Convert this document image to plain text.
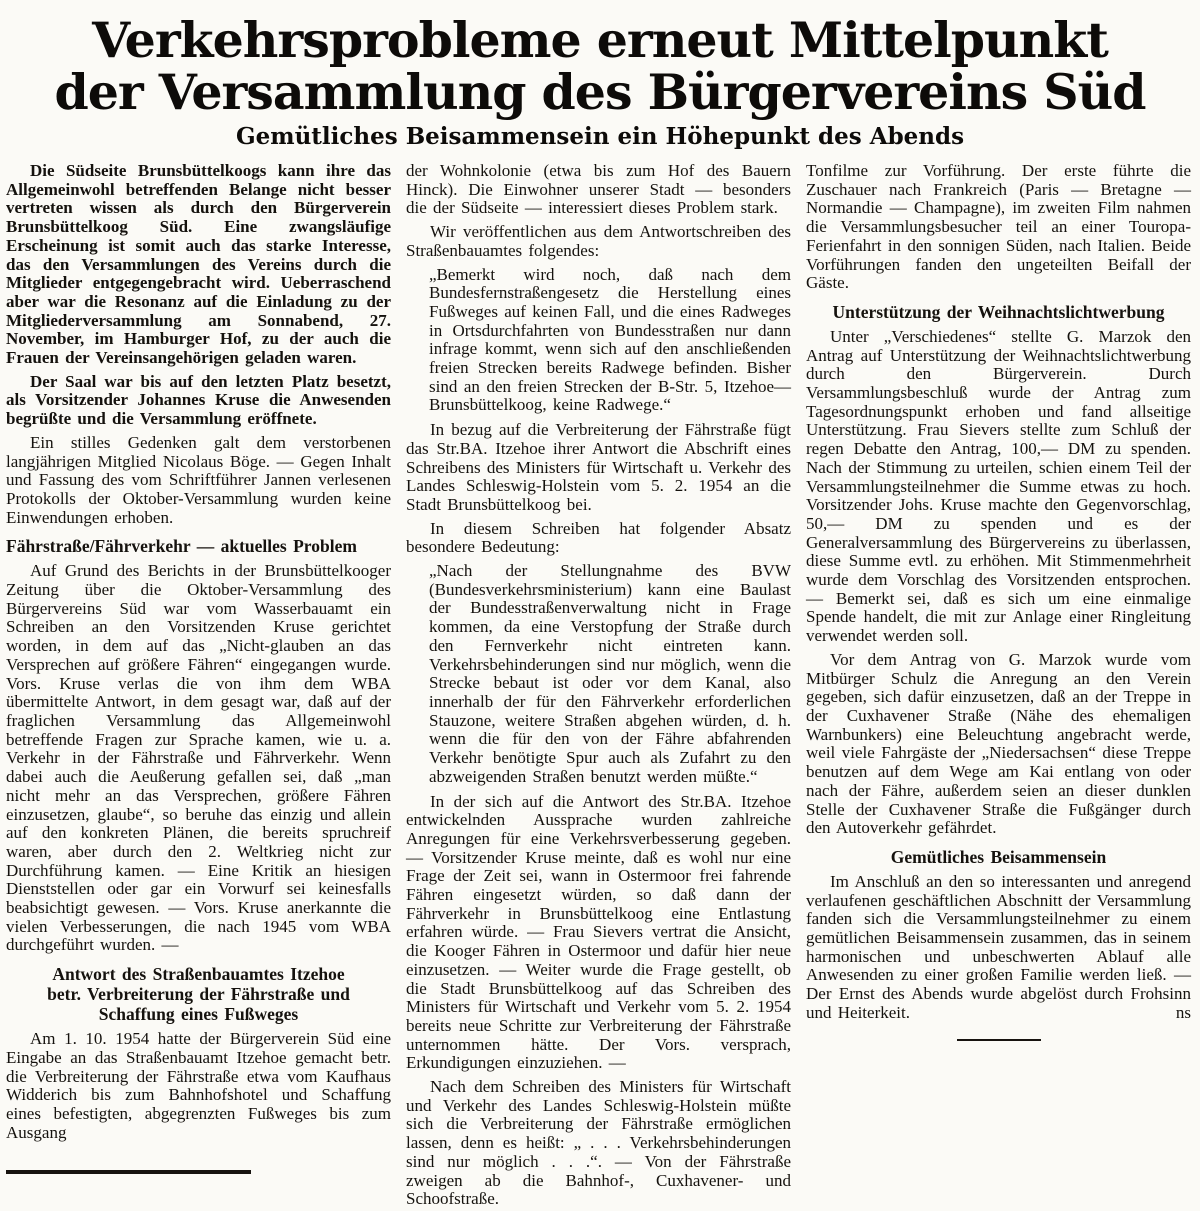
Verkehrsprobleme erneut Mittelpunkt
der Versammlung des Bürgervereins Süd
Gemütliches Beisammensein ein Höhepunkt des Abends

Die Südseite Brunsbüttelkoogs kann ihre das Allgemeinwohl betreffenden Belange nicht besser vertreten wissen als durch den Bürgerverein Brunsbüttelkoog Süd. Eine zwangsläufige Erscheinung ist somit auch das starke Interesse, das den Versammlungen des Vereins durch die Mitglieder entgegengebracht wird. Ueberraschend aber war die Resonanz auf die Einladung zu der Mitgliederversammlung am Sonnabend, 27. November, im Hamburger Hof, zu der auch die Frauen der Vereinsangehörigen geladen waren.

Der Saal war bis auf den letzten Platz besetzt, als Vorsitzender Johannes Kruse die Anwesenden begrüßte und die Versammlung eröffnete.

Ein stilles Gedenken galt dem verstorbenen langjährigen Mitglied Nicolaus Böge. — Gegen Inhalt und Fassung des vom Schriftführer Jannen verlesenen Protokolls der Oktober-Versammlung wurden keine Einwendungen erhoben.

Fährstraße/Fährverkehr — aktuelles Problem

Auf Grund des Berichts in der Brunsbüttelkooger Zeitung über die Oktober-Versammlung des Bürgervereins Süd war vom Wasserbauamt ein Schreiben an den Vorsitzenden Kruse gerichtet worden, in dem auf das „Nicht-glauben an das Versprechen auf größere Fähren“ eingegangen wurde. Vors. Kruse verlas die von ihm dem WBA übermittelte Antwort, in dem gesagt war, daß auf der fraglichen Versammlung das Allgemeinwohl betreffende Fragen zur Sprache kamen, wie u. a. Verkehr in der Fährstraße und Fährverkehr. Wenn dabei auch die Aeußerung gefallen sei, daß „man nicht mehr an das Versprechen, größere Fähren einzusetzen, glaube“, so beruhe das einzig und allein auf den konkreten Plänen, die bereits spruchreif waren, aber durch den 2. Weltkrieg nicht zur Durchführung kamen. — Eine Kritik an hiesigen Dienststellen oder gar ein Vorwurf sei keinesfalls beabsichtigt gewesen. — Vors. Kruse anerkannte die vielen Verbesserungen, die nach 1945 vom WBA durchgeführt wurden. —

Antwort des Straßenbauamtes Itzehoe
betr. Verbreiterung der Fährstraße und
Schaffung eines Fußweges

Am 1. 10. 1954 hatte der Bürgerverein Süd eine Eingabe an das Straßenbauamt Itzehoe gemacht betr. die Verbreiterung der Fährstraße etwa vom Kaufhaus Widderich bis zum Bahnhofshotel und Schaffung eines befestigten, abgegrenzten Fußweges bis zum Ausgang

der Wohnkolonie (etwa bis zum Hof des Bauern Hinck). Die Einwohner unserer Stadt — besonders die der Südseite — interessiert dieses Problem stark.

Wir veröffentlichen aus dem Antwortschreiben des Straßenbauamtes folgendes:

„Bemerkt wird noch, daß nach dem Bundesfernstraßengesetz die Herstellung eines Fußweges auf keinen Fall, und die eines Radweges in Ortsdurchfahrten von Bundesstraßen nur dann infrage kommt, wenn sich auf den anschließenden freien Strecken bereits Radwege befinden. Bisher sind an den freien Strecken der B-Str. 5, Itzehoe—Brunsbüttelkoog, keine Radwege.“

In bezug auf die Verbreiterung der Fährstraße fügt das Str.BA. Itzehoe ihrer Antwort die Abschrift eines Schreibens des Ministers für Wirtschaft u. Verkehr des Landes Schleswig-Holstein vom 5. 2. 1954 an die Stadt Brunsbüttelkoog bei.

In diesem Schreiben hat folgender Absatz besondere Bedeutung:

„Nach der Stellungnahme des BVW (Bundesverkehrsministerium) kann eine Baulast der Bundesstraßenverwaltung nicht in Frage kommen, da eine Verstopfung der Straße durch den Fernverkehr nicht eintreten kann. Verkehrsbehinderungen sind nur möglich, wenn die Strecke bebaut ist oder vor dem Kanal, also innerhalb der für den Fährverkehr erforderlichen Stauzone, weitere Straßen abgehen würden, d. h. wenn die für den von der Fähre abfahrenden Verkehr benötigte Spur auch als Zufahrt zu den abzweigenden Straßen benutzt werden müßte.“

In der sich auf die Antwort des Str.BA. Itzehoe entwickelnden Aussprache wurden zahlreiche Anregungen für eine Verkehrsverbesserung gegeben. — Vorsitzender Kruse meinte, daß es wohl nur eine Frage der Zeit sei, wann in Ostermoor frei fahrende Fähren eingesetzt würden, so daß dann der Fährverkehr in Brunsbüttelkoog eine Entlastung erfahren würde. — Frau Sievers vertrat die Ansicht, die Kooger Fähren in Ostermoor und dafür hier neue einzusetzen. — Weiter wurde die Frage gestellt, ob die Stadt Brunsbüttelkoog auf das Schreiben des Ministers für Wirtschaft und Verkehr vom 5. 2. 1954 bereits neue Schritte zur Verbreiterung der Fährstraße unternommen hätte. Der Vors. versprach, Erkundigungen einzuziehen. —

Nach dem Schreiben des Ministers für Wirtschaft und Verkehr des Landes Schleswig-Holstein müßte sich die Verbreiterung der Fährstraße ermöglichen lassen, denn es heißt: „ . . . Verkehrsbehinderungen sind nur möglich . . .“. — Von der Fährstraße zweigen ab die Bahnhof-, Cuxhavener- und Schoofstraße.

Tonfilme zur Vorführung. Der erste führte die Zuschauer nach Frankreich (Paris — Bretagne — Normandie — Champagne), im zweiten Film nahmen die Versammlungsbesucher teil an einer Touropa-Ferienfahrt in den sonnigen Süden, nach Italien. Beide Vorführungen fanden den ungeteilten Beifall der Gäste.

Unterstützung der Weihnachtslichtwerbung

Unter „Verschiedenes“ stellte G. Marzok den Antrag auf Unterstützung der Weihnachtslichtwerbung durch den Bürgerverein. Durch Versammlungsbeschluß wurde der Antrag zum Tagesordnungspunkt erhoben und fand allseitige Unterstützung. Frau Sievers stellte zum Schluß der regen Debatte den Antrag, 100,— DM zu spenden. Nach der Stimmung zu urteilen, schien einem Teil der Versammlungsteilnehmer die Summe etwas zu hoch. Vorsitzender Johs. Kruse machte den Gegenvorschlag, 50,— DM zu spenden und es der Generalversammlung des Bürgervereins zu überlassen, diese Summe evtl. zu erhöhen. Mit Stimmenmehrheit wurde dem Vorschlag des Vorsitzenden entsprochen. — Bemerkt sei, daß es sich um eine einmalige Spende handelt, die mit zur Anlage einer Ringleitung verwendet werden soll.

Vor dem Antrag von G. Marzok wurde vom Mitbürger Schulz die Anregung an den Verein gegeben, sich dafür einzusetzen, daß an der Treppe in der Cuxhavener Straße (Nähe des ehemaligen Warnbunkers) eine Beleuchtung angebracht werde, weil viele Fahrgäste der „Niedersachsen“ diese Treppe benutzen auf dem Wege am Kai entlang von oder nach der Fähre, außerdem seien an dieser dunklen Stelle der Cuxhavener Straße die Fußgänger durch den Autoverkehr gefährdet.

Gemütliches Beisammensein

Im Anschluß an den so interessanten und anregend verlaufenen geschäftlichen Abschnitt der Versammlung fanden sich die Versammlungsteilnehmer zu einem gemütlichen Beisammensein zusammen, das in seinem harmonischen und unbeschwerten Ablauf alle Anwesenden zu einer großen Familie werden ließ. — Der Ernst des Abends wurde abgelöst durch Frohsinn und Heiterkeit.	ns
